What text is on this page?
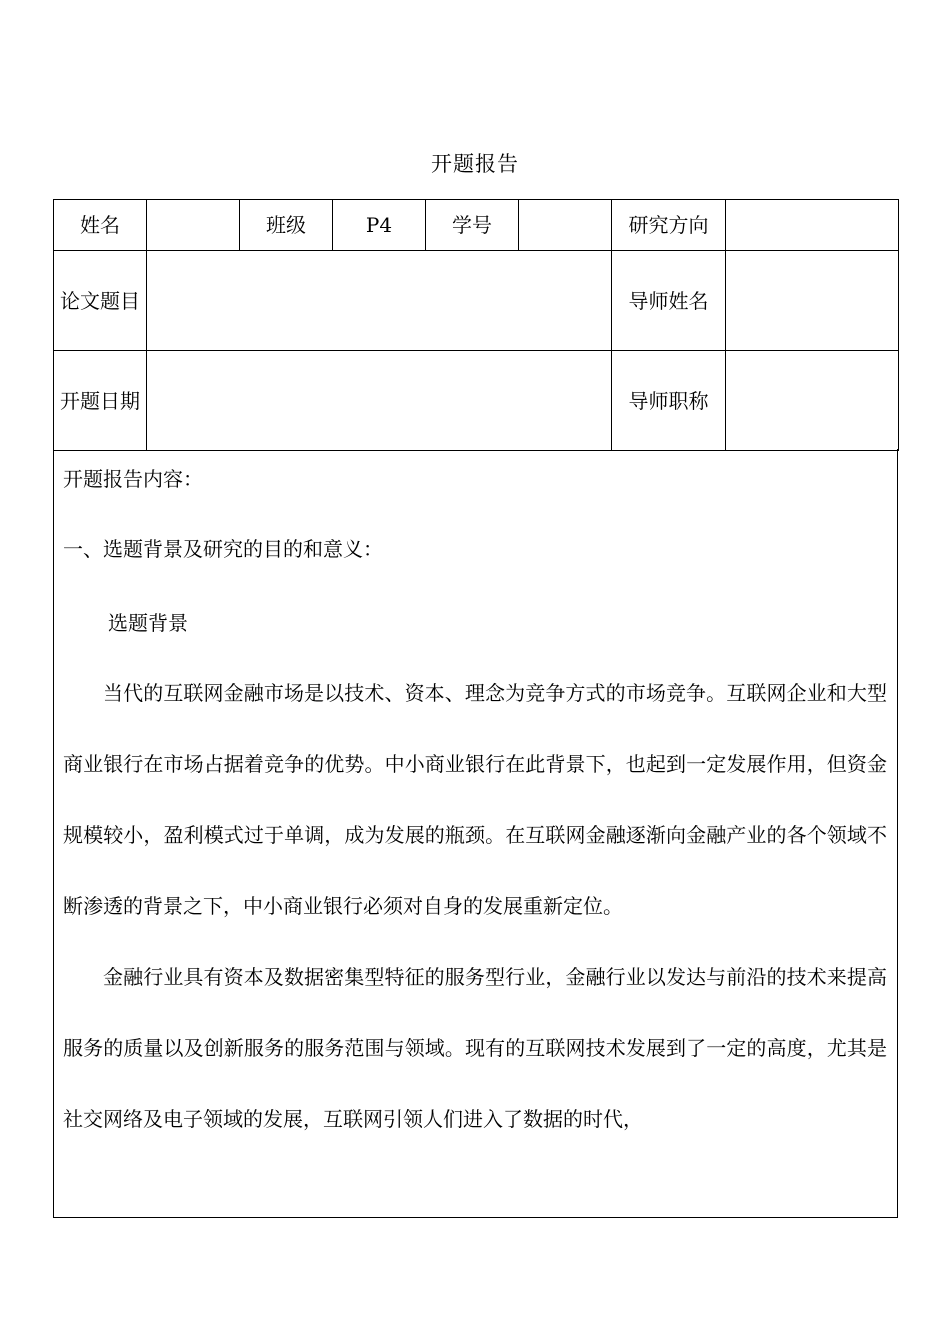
开题报告
姓名		班级	P4	学号		研究方向	
论文题目						导师姓名	
开题日期						导师职称	

开题报告内容：

一、选题背景及研究的目的和意义：

选题背景

当代的互联网金融市场是以技术、资本、理念为竞争方式的市场竞争。互联网企业和大型商业银行在市场占据着竞争的优势。中小商业银行在此背景下，也起到一定发展作用，但资金规模较小，盈利模式过于单调，成为发展的瓶颈。在互联网金融逐渐向金融产业的各个领域不断渗透的背景之下，中小商业银行必须对自身的发展重新定位。

金融行业具有资本及数据密集型特征的服务型行业，金融行业以发达与前沿的技术来提高服务的质量以及创新服务的服务范围与领域。现有的互联网技术发展到了一定的高度，尤其是社交网络及电子领域的发展，互联网引领人们进入了数据的时代，
